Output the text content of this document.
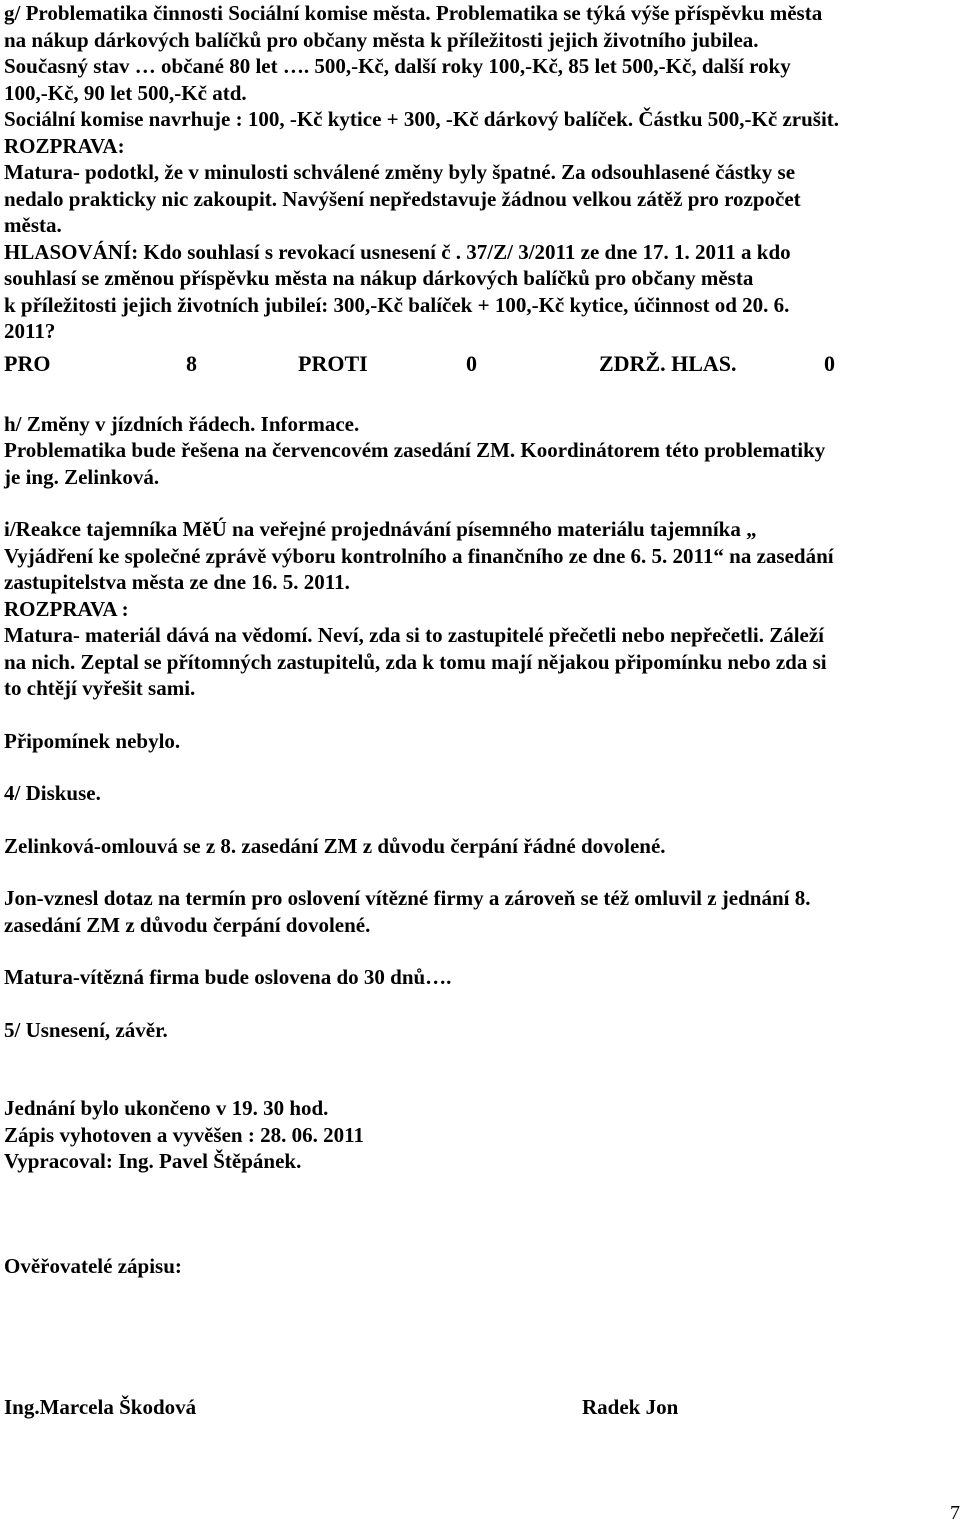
g/ Problematika činnosti Sociální komise města. Problematika se týká výše příspěvku města

na nákup dárkových balíčků pro občany města k příležitosti jejich životního jubilea.

Současný stav … občané 80 let …. 500,-Kč, další roky 100,-Kč, 85 let 500,-Kč, další roky

100,-Kč, 90 let 500,-Kč atd.

Sociální komise navrhuje : 100, -Kč kytice + 300, -Kč dárkový balíček. Částku 500,-Kč zrušit.

ROZPRAVA:

Matura- podotkl, že v minulosti schválené změny byly špatné. Za odsouhlasené částky se

nedalo prakticky nic zakoupit. Navýšení nepředstavuje žádnou velkou zátěž pro rozpočet

města.

HLASOVÁNÍ: Kdo souhlasí s revokací usnesení č . 37/Z/ 3/2011 ze dne 17. 1. 2011 a kdo

souhlasí se změnou příspěvku města na nákup dárkových balíčků pro občany města

k příležitosti jejich životních jubileí: 300,-Kč balíček + 100,-Kč kytice, účinnost od 20. 6.

2011?

PRO	8	PROTI	0	ZDRŽ. HLAS.	0

h/ Změny v jízdních řádech. Informace.

Problematika bude řešena na červencovém zasedání ZM. Koordinátorem této problematiky

je ing. Zelinková.

i/Reakce tajemníka MěÚ na veřejné projednávání písemného materiálu tajemníka „

Vyjádření ke společné zprávě výboru kontrolního a finančního ze dne 6. 5. 2011“ na zasedání

zastupitelstva města ze dne 16. 5. 2011.

ROZPRAVA :

Matura- materiál dává na vědomí. Neví, zda si to zastupitelé přečetli nebo nepřečetli. Záleží

na nich. Zeptal se přítomných zastupitelů, zda k tomu mají nějakou připomínku nebo zda si

to chtějí vyřešit sami.

Připomínek nebylo.

4/ Diskuse.

Zelinková-omlouvá se z 8. zasedání ZM z důvodu čerpání řádné dovolené.

Jon-vznesl dotaz na termín pro oslovení vítězné firmy a zároveň se též omluvil z jednání 8.

zasedání ZM z důvodu čerpání dovolené.

Matura-vítězná firma bude oslovena do 30 dnů….

5/ Usnesení, závěr.

Jednání bylo ukončeno v 19. 30 hod.

Zápis vyhotoven a vyvěšen : 28. 06. 2011

Vypracoval: Ing. Pavel Štěpánek.

Ověřovatelé zápisu:

Ing.Marcela Škodová	Radek Jon
7
